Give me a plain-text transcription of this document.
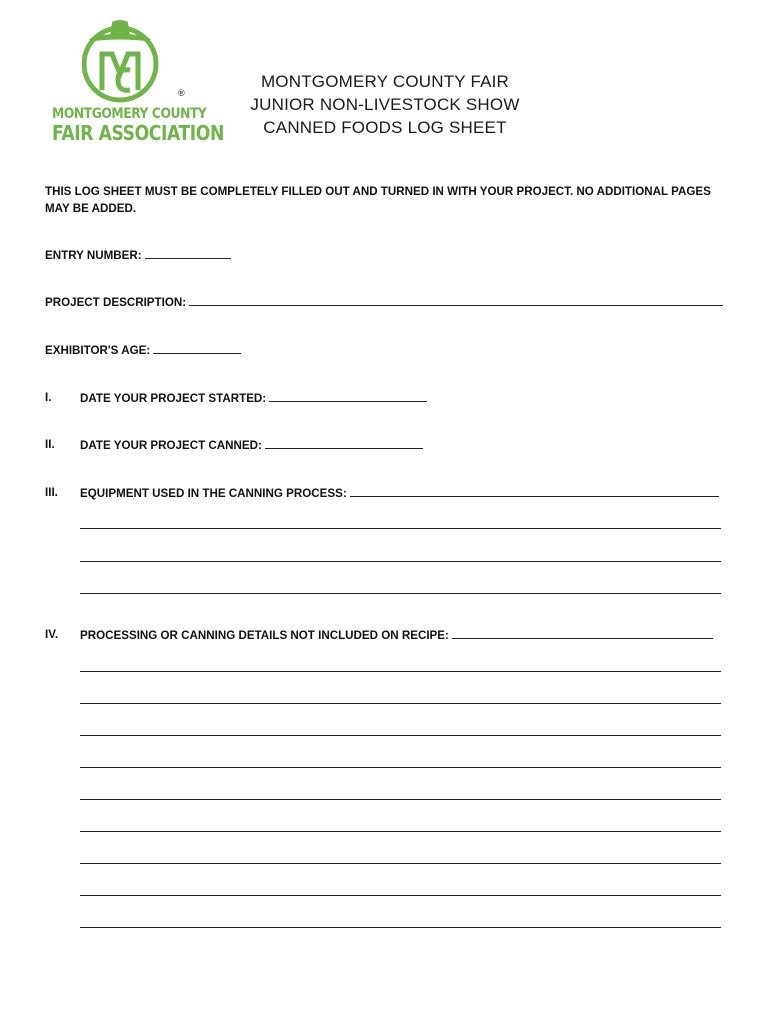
®
MONTGOMERY COUNTY
FAIR ASSOCIATION
MONTGOMERY COUNTY FAIR
JUNIOR NON-LIVESTOCK SHOW
CANNED FOODS LOG SHEET
THIS LOG SHEET MUST BE COMPLETELY FILLED OUT AND TURNED IN WITH YOUR PROJECT. NO ADDITIONAL PAGES MAY BE ADDED.
ENTRY NUMBER:
PROJECT DESCRIPTION:
EXHIBITOR'S AGE:
I. DATE YOUR PROJECT STARTED:
II. DATE YOUR PROJECT CANNED:
III. EQUIPMENT USED IN THE CANNING PROCESS:
IV. PROCESSING OR CANNING DETAILS NOT INCLUDED ON RECIPE:
